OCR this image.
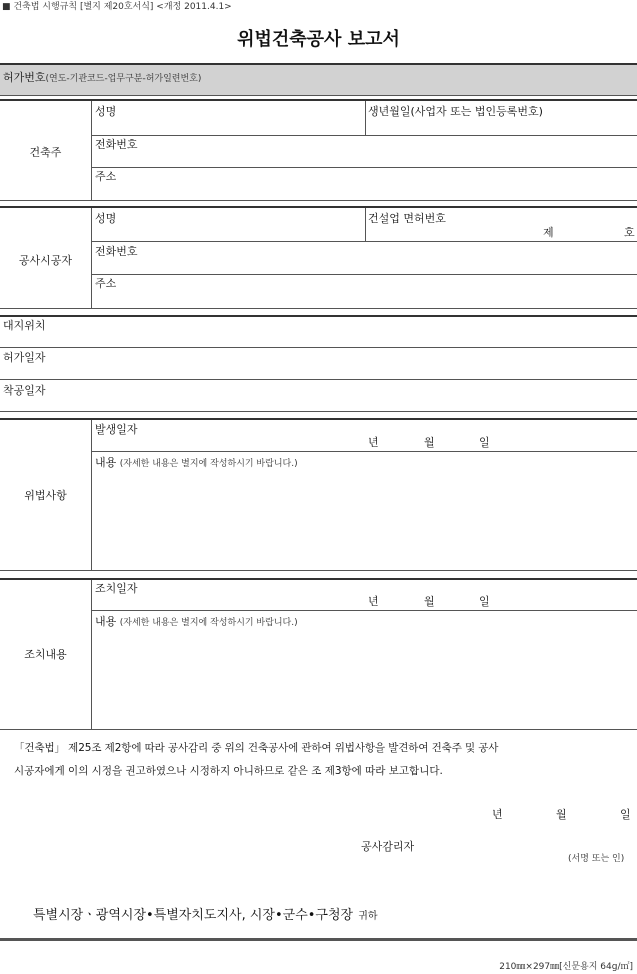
■ 건축법 시행규칙 [별지 제20호서식] <개정 2011.4.1>
위법건축공사 보고서
허가번호(연도-기관코드-업무구분-허가일련번호)
건축주
성명	생년월일(사업자 또는 법인등록번호)
전화번호
주소
공사시공자
성명	건설업 면허번호
제	호
전화번호
주소
대지위치
허가일자
착공일자
위법사항
발생일자
년	월	일
내용 (자세한 내용은 별지에 작성하시기 바랍니다.)
조치내용
조치일자
년	월	일
내용 (자세한 내용은 별지에 작성하시기 바랍니다.)
「건축법」 제25조 제2항에 따라 공사감리 중 위의 건축공사에 관하여 위법사항을 발견하여 건축주 및 공사
시공자에게 이의 시정을 권고하였으나 시정하지 아니하므로 같은 조 제3항에 따라 보고합니다.
년	월	일
공사감리자
(서명 또는 인)
특별시장ㆍ광역시장•특별자치도지사, 시장•군수•구청장 귀하
210㎜×297㎜[신문용지 64g/㎡]
